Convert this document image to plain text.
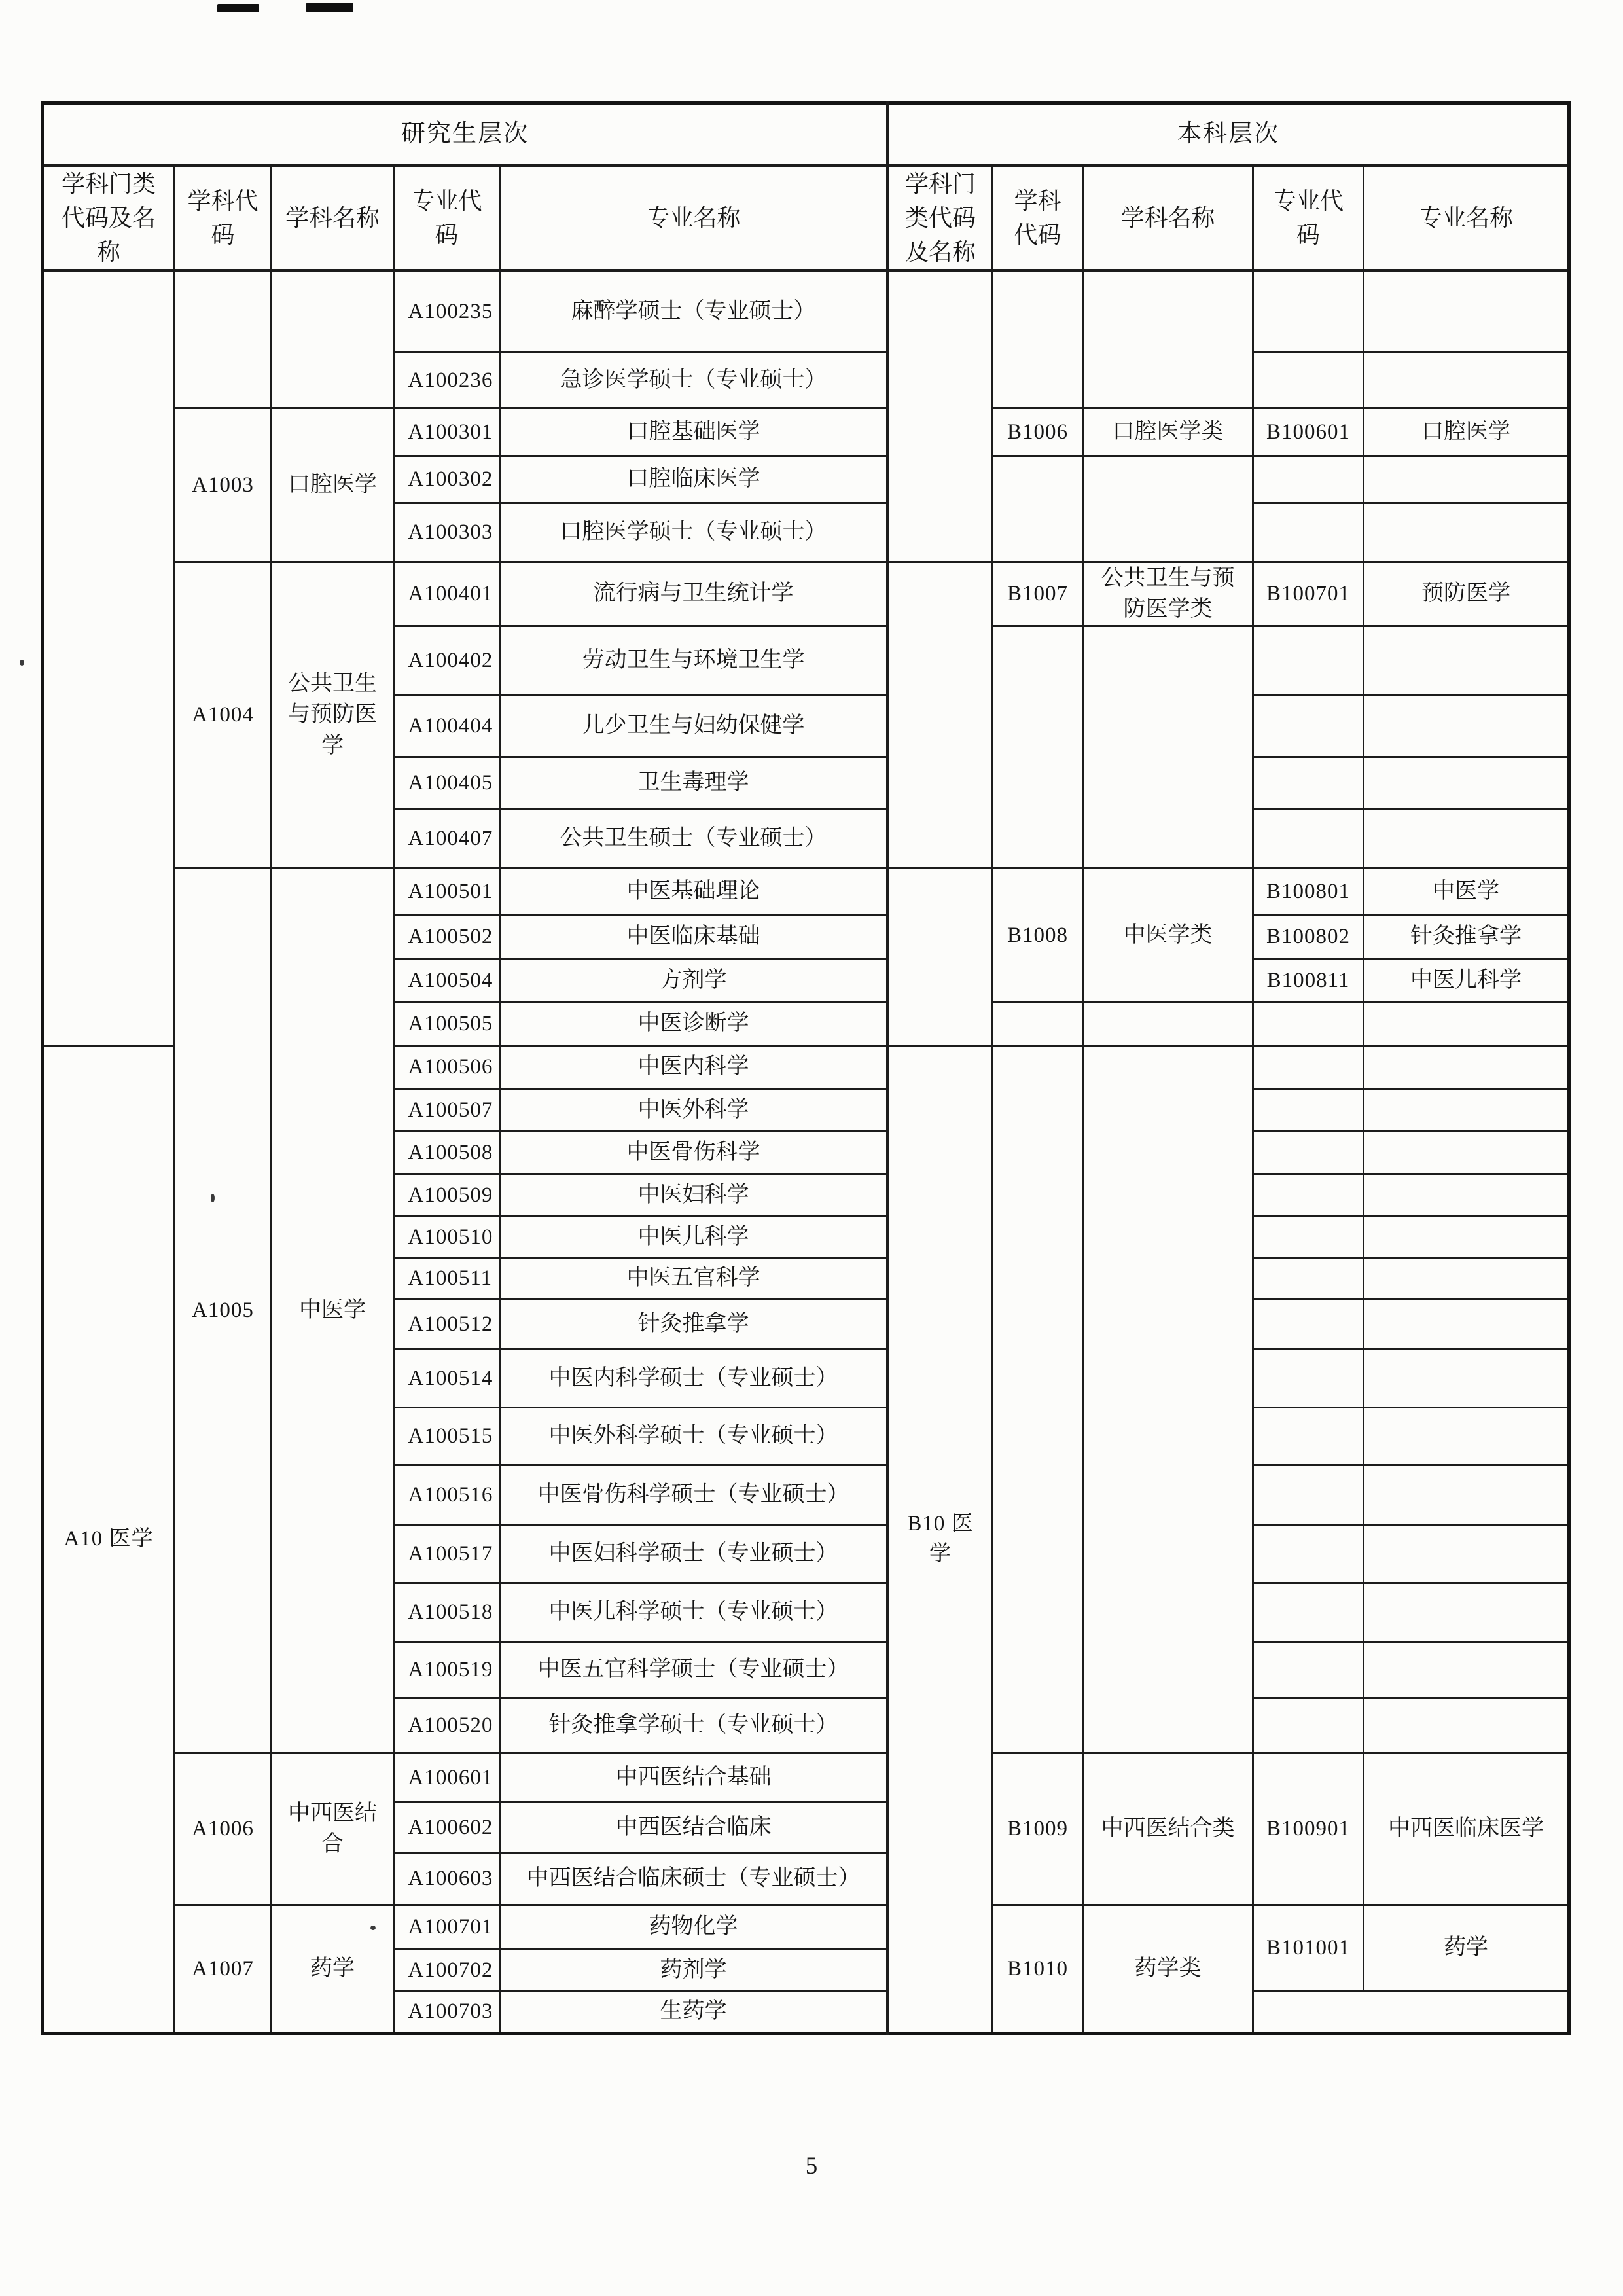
研究生层次					本科层次				
学科门类代码及名称	学科代码	学科名称	专业代码	专业名称	学科门类代码及名称	学科代码	学科名称	专业代码	专业名称
			A100235	麻醉学硕士（专业硕士）					
			A100236	急诊医学硕士（专业硕士）					
	A1003	口腔医学	A100301	口腔基础医学		B1006	口腔医学类	B100601	口腔医学
			A100302	口腔临床医学					
			A100303	口腔医学硕士（专业硕士）					
	A1004	公共卫生与预防医学	A100401	流行病与卫生统计学		B1007	公共卫生与预防医学类	B100701	预防医学
			A100402	劳动卫生与环境卫生学					
			A100404	儿少卫生与妇幼保健学					
			A100405	卫生毒理学					
			A100407	公共卫生硕士（专业硕士）					
	A1005	中医学	A100501	中医基础理论		B1008	中医学类	B100801	中医学
			A100502	中医临床基础				B100802	针灸推拿学
			A100504	方剂学				B100811	中医儿科学
			A100505	中医诊断学					
A10 医学			A100506	中医内科学	B10 医学				
			A100507	中医外科学					
			A100508	中医骨伤科学					
			A100509	中医妇科学					
			A100510	中医儿科学					
			A100511	中医五官科学					
			A100512	针灸推拿学					
			A100514	中医内科学硕士（专业硕士）					
			A100515	中医外科学硕士（专业硕士）					
			A100516	中医骨伤科学硕士（专业硕士）					
			A100517	中医妇科学硕士（专业硕士）					
			A100518	中医儿科学硕士（专业硕士）					
			A100519	中医五官科学硕士（专业硕士）					
			A100520	针灸推拿学硕士（专业硕士）					
	A1006	中西医结合	A100601	中西医结合基础		B1009	中西医结合类	B100901	中西医临床医学
			A100602	中西医结合临床					
			A100603	中西医结合临床硕士（专业硕士）					
	A1007	药学	A100701	药物化学		B1010	药学类	B101001	药学
			A100702	药剂学					
			A100703	生药学					
5
